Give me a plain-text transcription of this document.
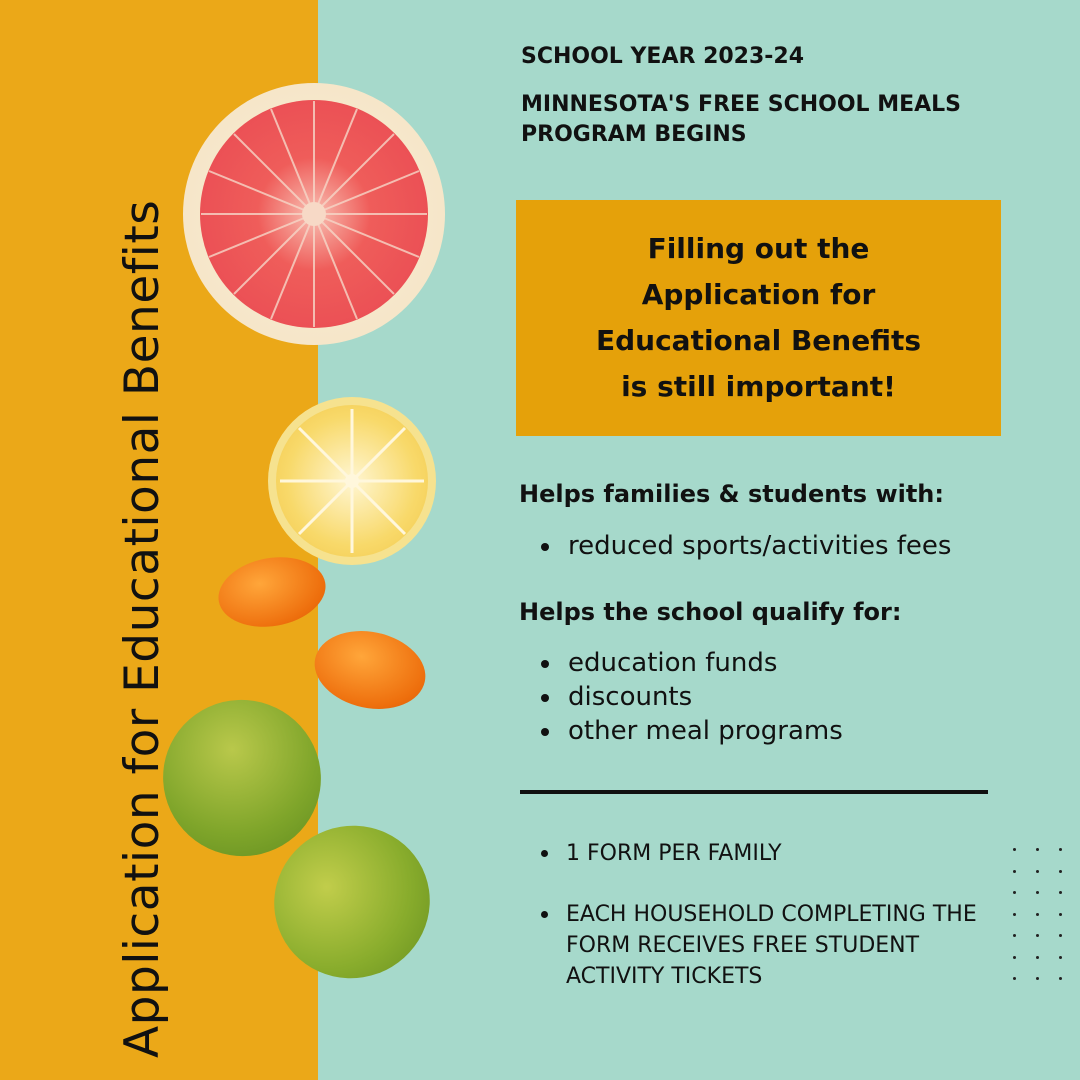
Application for Educational Benefits
SCHOOL YEAR 2023-24
MINNESOTA'S FREE SCHOOL MEALS PROGRAM BEGINS
Filling out the
Application for
Educational Benefits
is still important!
Helps families & students with:
reduced sports/activities fees
Helps the school qualify for:
education funds
discounts
other meal programs
1 FORM PER FAMILY
EACH HOUSEHOLD COMPLETING THE FORM RECEIVES FREE STUDENT ACTIVITY TICKETS
